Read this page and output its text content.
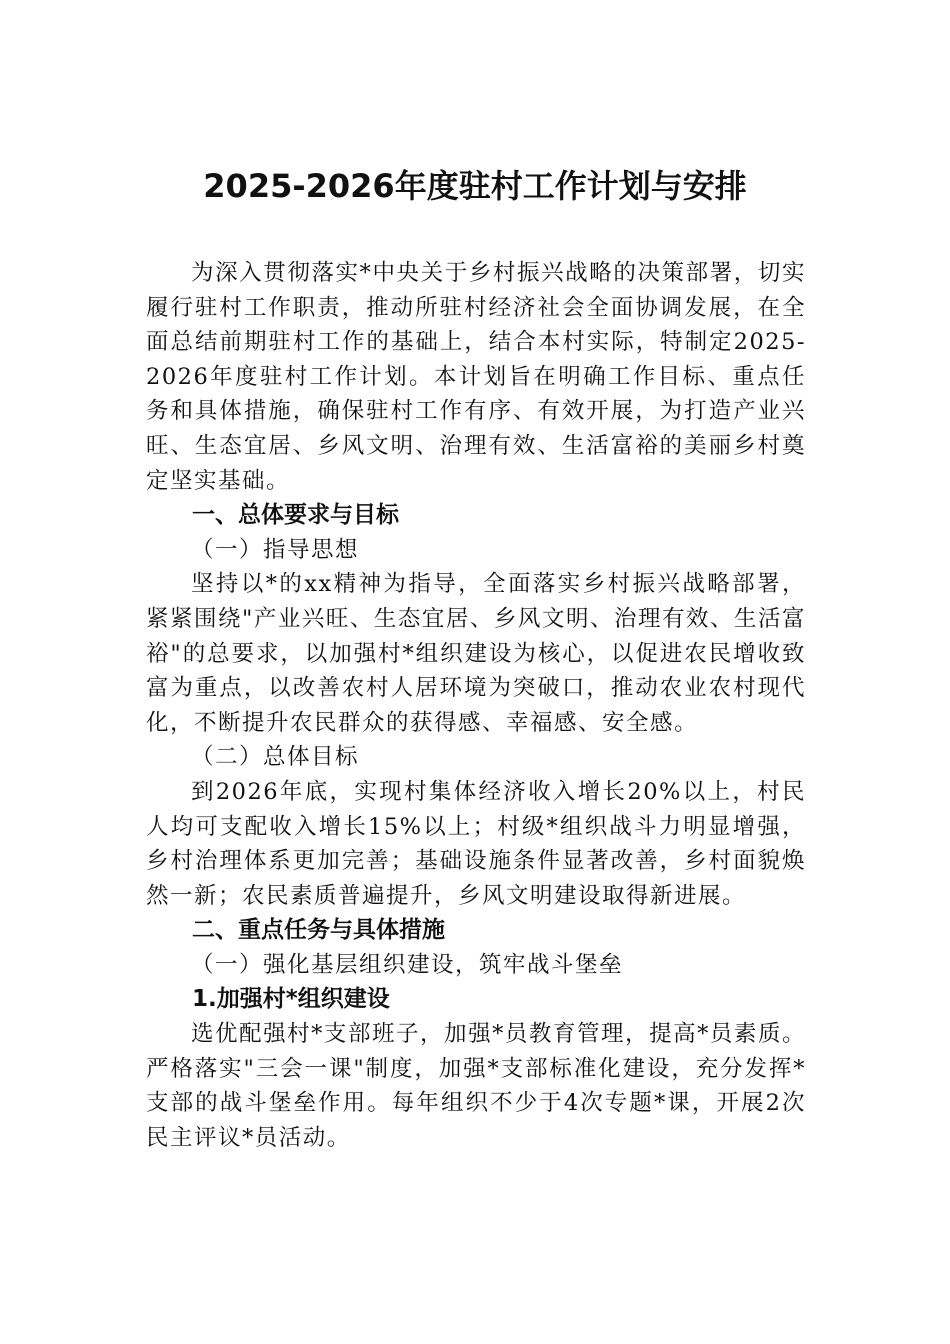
2025-2026年度驻村工作计划与安排

为深入贯彻落实*中央关于乡村振兴战略的决策部署，切实履行驻村工作职责，推动所驻村经济社会全面协调发展，在全面总结前期驻村工作的基础上，结合本村实际，特制定2025-2026年度驻村工作计划。本计划旨在明确工作目标、重点任务和具体措施，确保驻村工作有序、有效开展，为打造产业兴旺、生态宜居、乡风文明、治理有效、生活富裕的美丽乡村奠定坚实基础。

一、总体要求与目标

（一）指导思想

坚持以*的xx精神为指导，全面落实乡村振兴战略部署，紧紧围绕"产业兴旺、生态宜居、乡风文明、治理有效、生活富裕"的总要求，以加强村*组织建设为核心，以促进农民增收致富为重点，以改善农村人居环境为突破口，推动农业农村现代化，不断提升农民群众的获得感、幸福感、安全感。

（二）总体目标

到2026年底，实现村集体经济收入增长20%以上，村民人均可支配收入增长15%以上；村级*组织战斗力明显增强，乡村治理体系更加完善；基础设施条件显著改善，乡村面貌焕然一新；农民素质普遍提升，乡风文明建设取得新进展。

二、重点任务与具体措施

（一）强化基层组织建设，筑牢战斗堡垒

1.加强村*组织建设

选优配强村*支部班子，加强*员教育管理，提高*员素质。严格落实"三会一课"制度，加强*支部标准化建设，充分发挥*支部的战斗堡垒作用。每年组织不少于4次专题*课，开展2次民主评议*员活动。
